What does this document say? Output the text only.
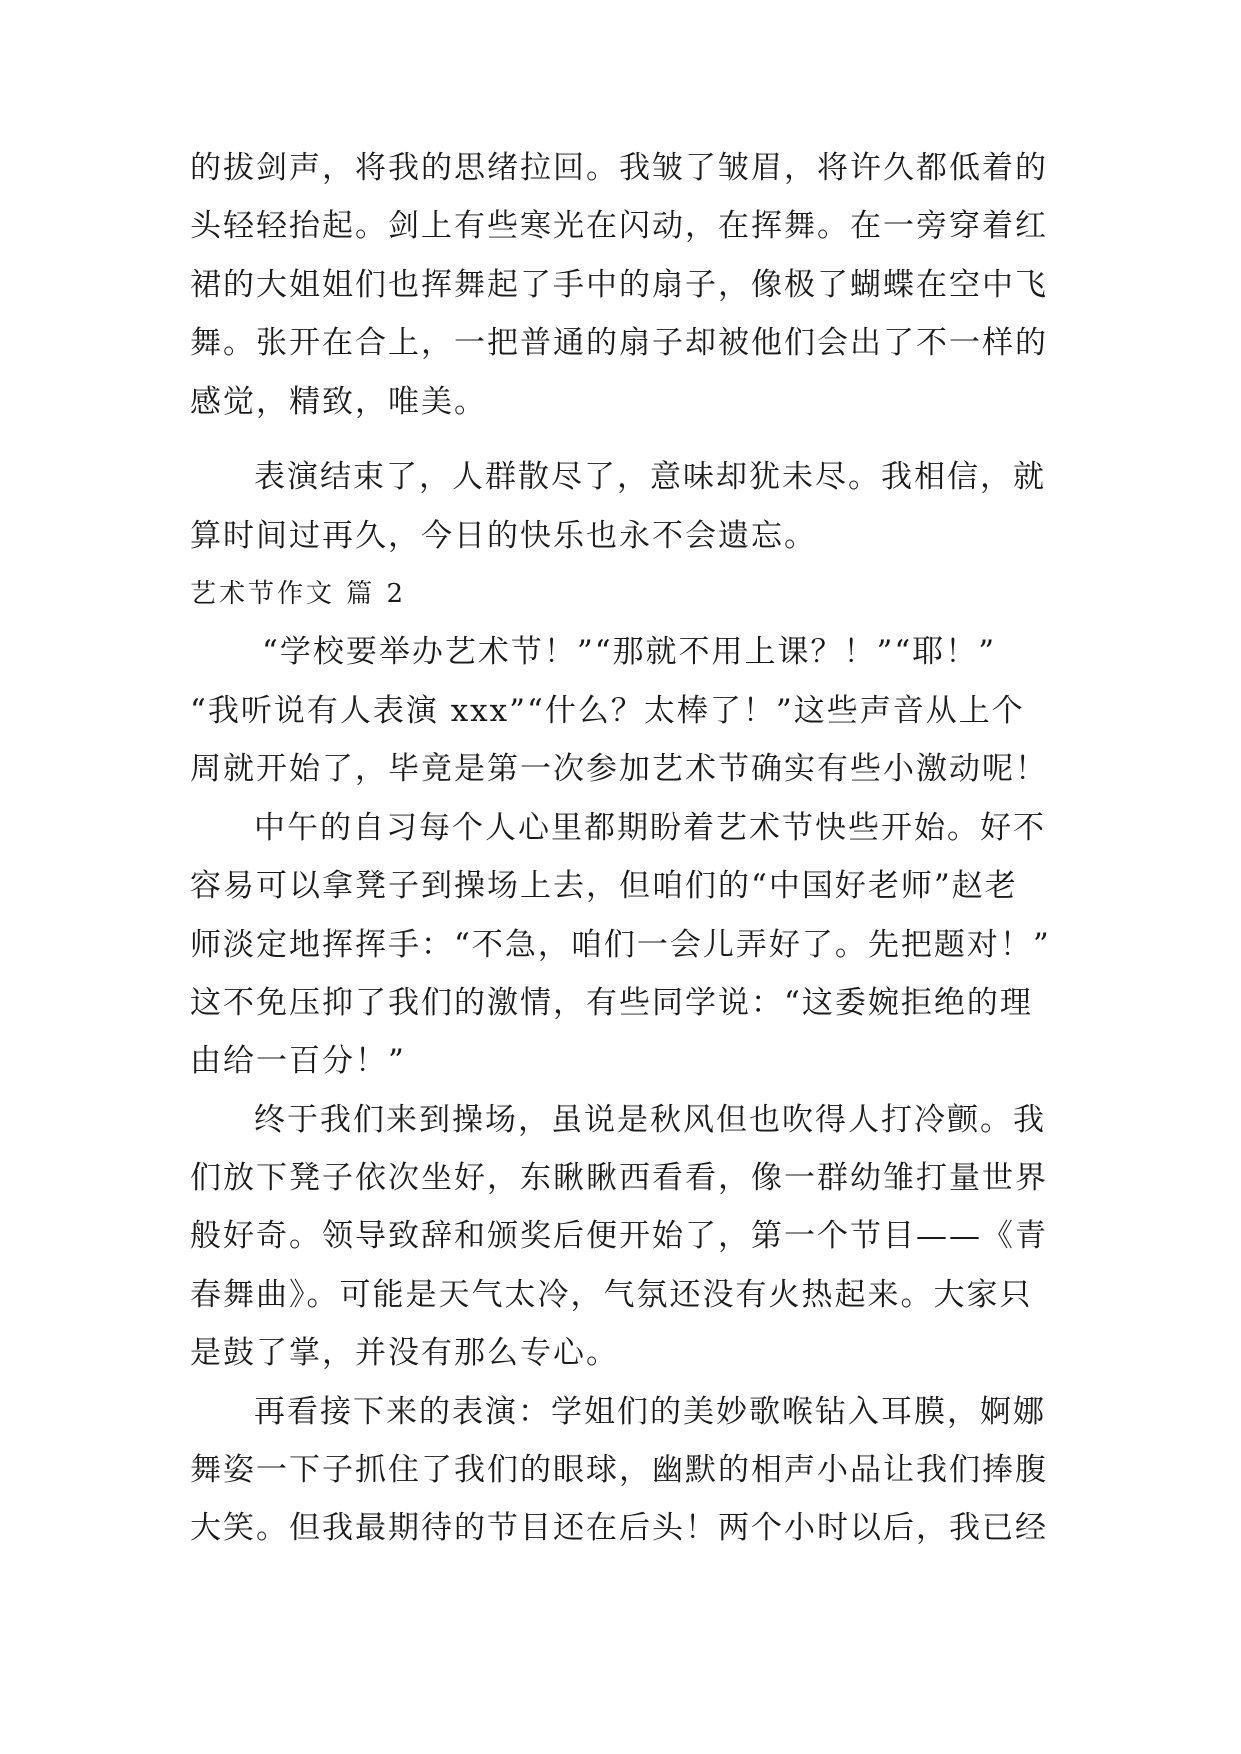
的拔剑声，将我的思绪拉回。我皱了皱眉，将许久都低着的
头轻轻抬起。剑上有些寒光在闪动，在挥舞。在一旁穿着红
裙的大姐姐们也挥舞起了手中的扇子，像极了蝴蝶在空中飞
舞。张开在合上，一把普通的扇子却被他们会出了不一样的
感觉，精致，唯美。
表演结束了，人群散尽了，意味却犹未尽。我相信，就
算时间过再久，今日的快乐也永不会遗忘。
艺术节作文 篇 2
“学校要举办艺术节！”“那就不用上课？！”“耶！”
“我听说有人表演 xxx”“什么？太棒了！”这些声音从上个
周就开始了，毕竟是第一次参加艺术节确实有些小激动呢！
中午的自习每个人心里都期盼着艺术节快些开始。好不
容易可以拿凳子到操场上去，但咱们的“中国好老师”赵老
师淡定地挥挥手：“不急，咱们一会儿弄好了。先把题对！”
这不免压抑了我们的激情，有些同学说：“这委婉拒绝的理
由给一百分！”
终于我们来到操场，虽说是秋风但也吹得人打冷颤。我
们放下凳子依次坐好，东瞅瞅西看看，像一群幼雏打量世界
般好奇。领导致辞和颁奖后便开始了，第一个节目——《青
春舞曲》。可能是天气太冷，气氛还没有火热起来。大家只
是鼓了掌，并没有那么专心。
再看接下来的表演：学姐们的美妙歌喉钻入耳膜，婀娜
舞姿一下子抓住了我们的眼球，幽默的相声小品让我们捧腹
大笑。但我最期待的节目还在后头！两个小时以后，我已经
